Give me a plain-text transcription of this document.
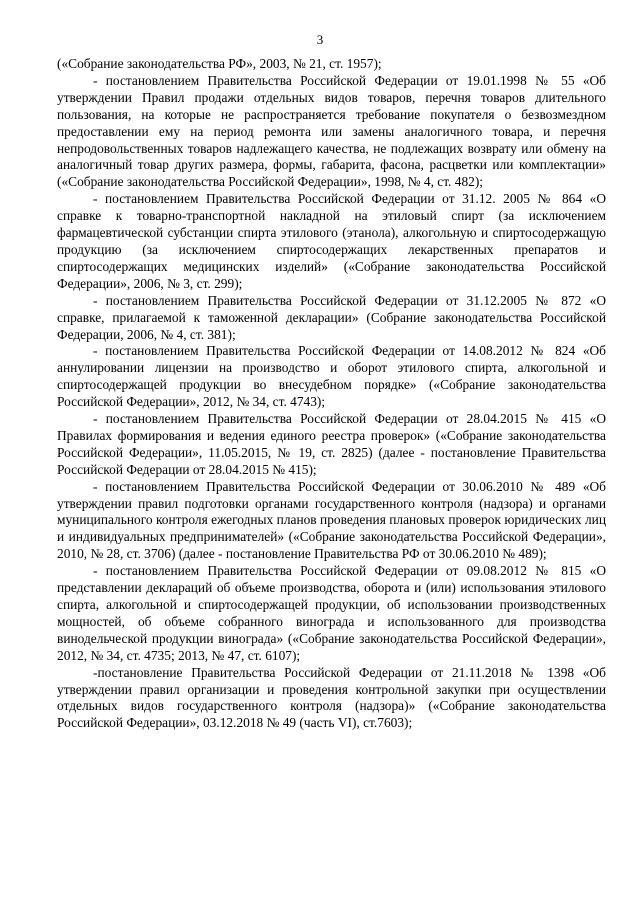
3

(«Собрание законодательства РФ», 2003, № 21, ст. 1957);

- постановлением Правительства Российской Федерации от 19.01.1998 № 55 «Об утверждении Правил продажи отдельных видов товаров, перечня товаров длительного пользования, на которые не распространяется требование покупателя о безвозмездном предоставлении ему на период ремонта или замены аналогичного товара, и перечня непродовольственных товаров надлежащего качества, не подлежащих возврату или обмену на аналогичный товар других размера, формы, габарита, фасона, расцветки или комплектации» («Собрание законодательства Российской Федерации», 1998, № 4, ст. 482);

- постановлением Правительства Российской Федерации от 31.12. 2005 № 864 «О справке к товарно-транспортной накладной на этиловый спирт (за исключением фармацевтической субстанции спирта этилового (этанола), алкогольную и спиртосодержащую продукцию (за исключением спиртосодержащих лекарственных препаратов и спиртосодержащих медицинских изделий» («Собрание законодательства Российской Федерации», 2006, № 3, ст. 299);

- постановлением Правительства Российской Федерации от 31.12.2005 № 872 «О справке, прилагаемой к таможенной декларации» (Собрание законодательства Российской Федерации, 2006, № 4, ст. 381);

- постановлением Правительства Российской Федерации от 14.08.2012 № 824 «Об аннулировании лицензии на производство и оборот этилового спирта, алкогольной и спиртосодержащей продукции во внесудебном порядке» («Собрание законодательства Российской Федерации», 2012, № 34, ст. 4743);

- постановлением Правительства Российской Федерации от 28.04.2015 № 415 «О Правилах формирования и ведения единого реестра проверок» («Собрание законодательства Российской Федерации», 11.05.2015, № 19, ст. 2825) (далее - постановление Правительства Российской Федерации от 28.04.2015 № 415);

- постановлением Правительства Российской Федерации от 30.06.2010 № 489 «Об утверждении правил подготовки органами государственного контроля (надзора) и органами муниципального контроля ежегодных планов проведения плановых проверок юридических лиц и индивидуальных предпринимателей» («Собрание законодательства Российской Федерации», 2010, № 28, ст. 3706) (далее - постановление Правительства РФ от 30.06.2010 № 489);

- постановлением Правительства Российской Федерации от 09.08.2012 № 815 «О представлении деклараций об объеме производства, оборота и (или) использования этилового спирта, алкогольной и спиртосодержащей продукции, об использовании производственных мощностей, об объеме собранного винограда и использованного для производства винодельческой продукции винограда» («Собрание законодательства Российской Федерации», 2012, № 34, ст. 4735; 2013, № 47, ст. 6107);

-постановление Правительства Российской Федерации от 21.11.2018 № 1398 «Об утверждении правил организации и проведения контрольной закупки при осуществлении отдельных видов государственного контроля (надзора)» («Собрание законодательства Российской Федерации», 03.12.2018 № 49 (часть VI), ст.7603);
